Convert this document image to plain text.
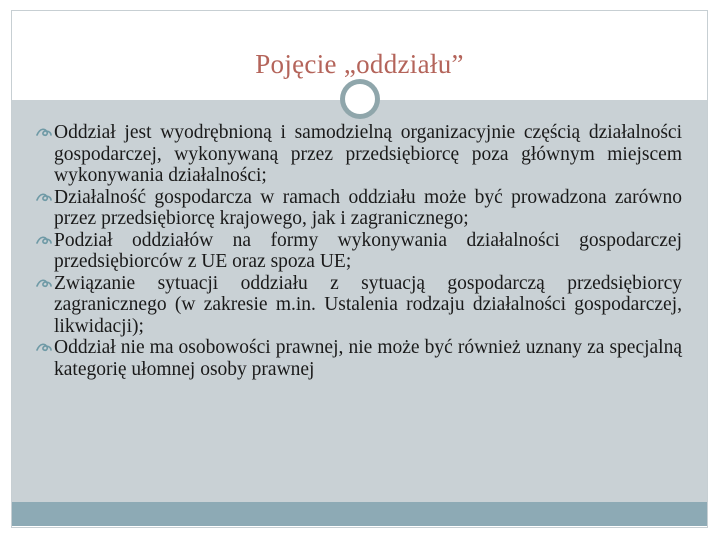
Pojęcie „oddziału”
Oddział jest wyodrębnioną i samodzielną organizacyjnie częścią działalności gospodarczej, wykonywaną przez przedsiębiorcę poza głównym miejscem wykonywania działalności;
Działalność gospodarcza w ramach oddziału może być prowadzona zarówno przez przedsiębiorcę krajowego, jak i zagranicznego;
Podział oddziałów na formy wykonywania działalności gospodarczej przedsiębiorców z UE oraz spoza UE;
Związanie sytuacji oddziału z sytuacją gospodarczą przedsiębiorcy zagranicznego (w zakresie m.in. Ustalenia rodzaju działalności gospodarczej, likwidacji);
Oddział nie ma osobowości prawnej, nie może być również uznany za specjalną kategorię ułomnej osoby prawnej
